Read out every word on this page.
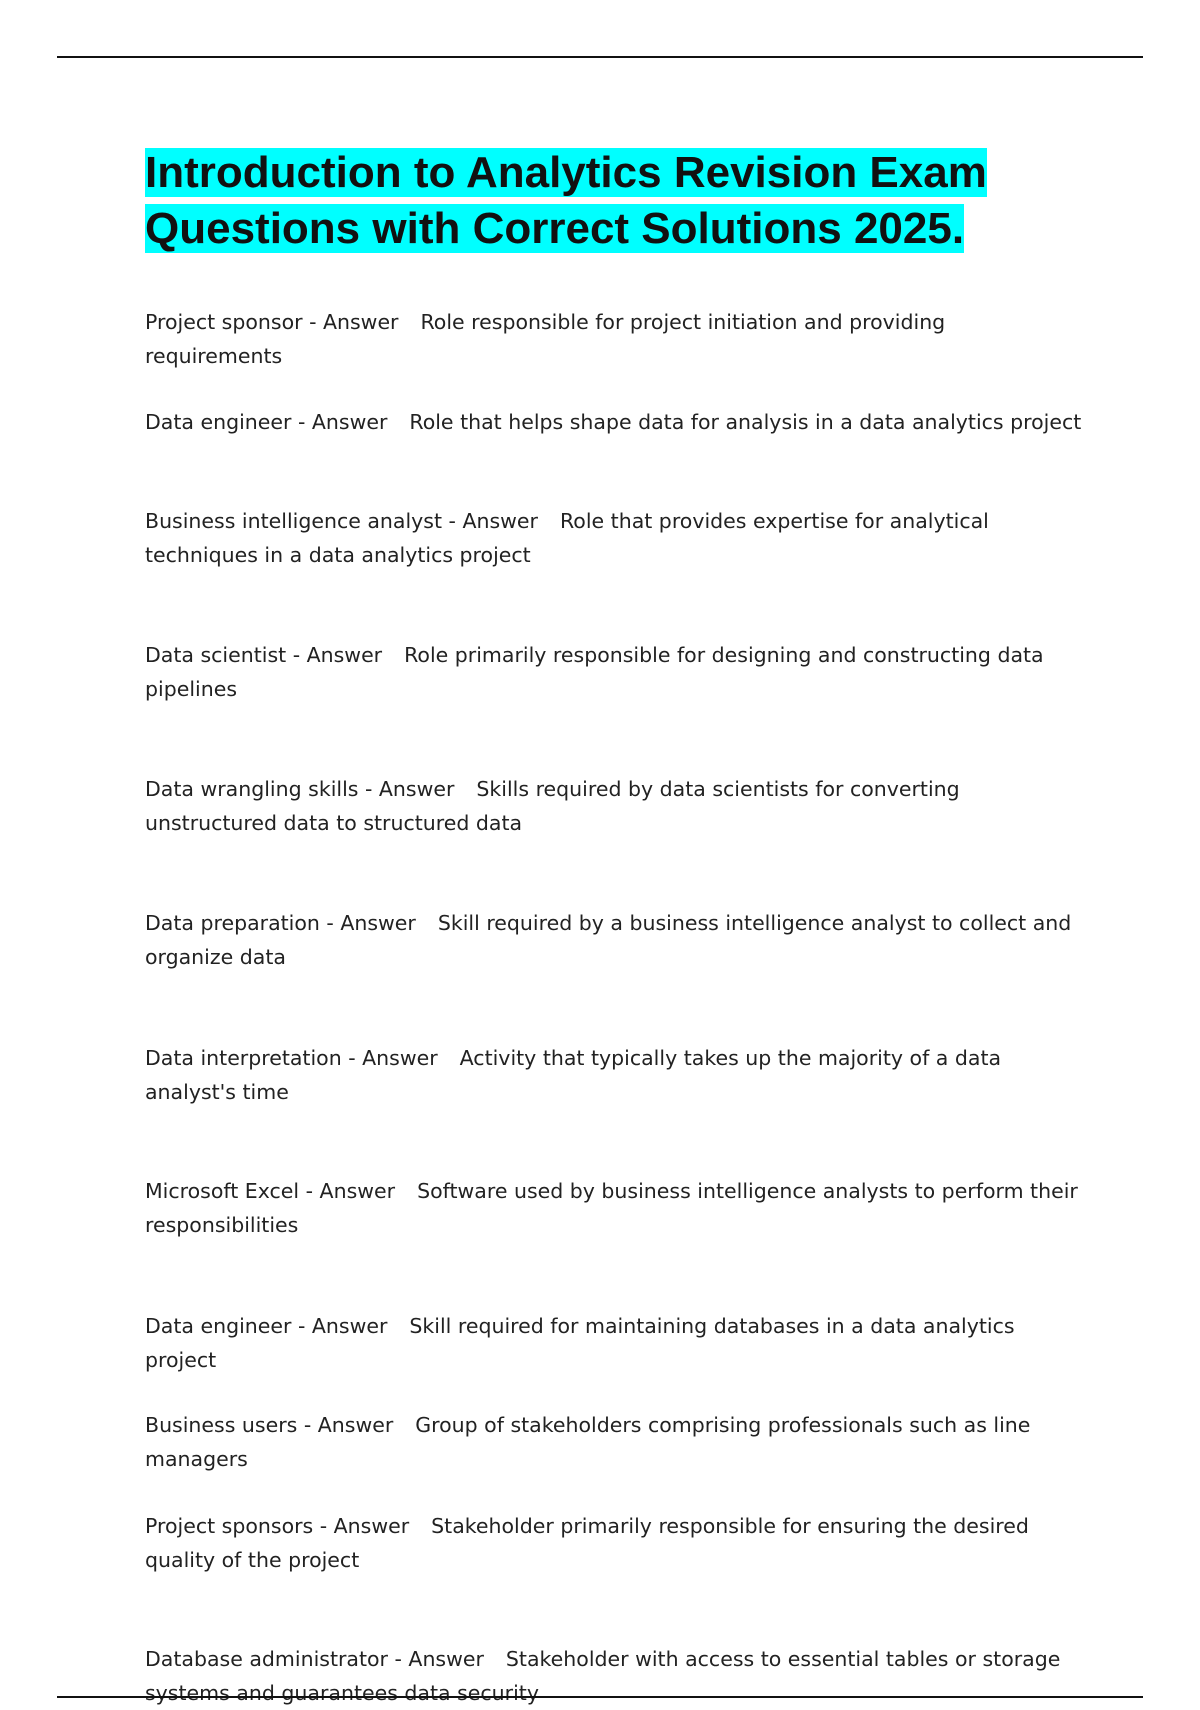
Introduction to Analytics Revision Exam Questions with Correct Solutions 2025.
Project sponsor - Answer Role responsible for project initiation and providing requirements
Data engineer - Answer Role that helps shape data for analysis in a data analytics project
Business intelligence analyst - Answer Role that provides expertise for analytical techniques in a data analytics project
Data scientist - Answer Role primarily responsible for designing and constructing data pipelines
Data wrangling skills - Answer Skills required by data scientists for converting unstructured data to structured data
Data preparation - Answer Skill required by a business intelligence analyst to collect and organize data
Data interpretation - Answer Activity that typically takes up the majority of a data analyst's time
Microsoft Excel - Answer Software used by business intelligence analysts to perform their responsibilities
Data engineer - Answer Skill required for maintaining databases in a data analytics project
Business users - Answer Group of stakeholders comprising professionals such as line managers
Project sponsors - Answer Stakeholder primarily responsible for ensuring the desired quality of the project
Database administrator - Answer Stakeholder with access to essential tables or storage systems and guarantees data security
